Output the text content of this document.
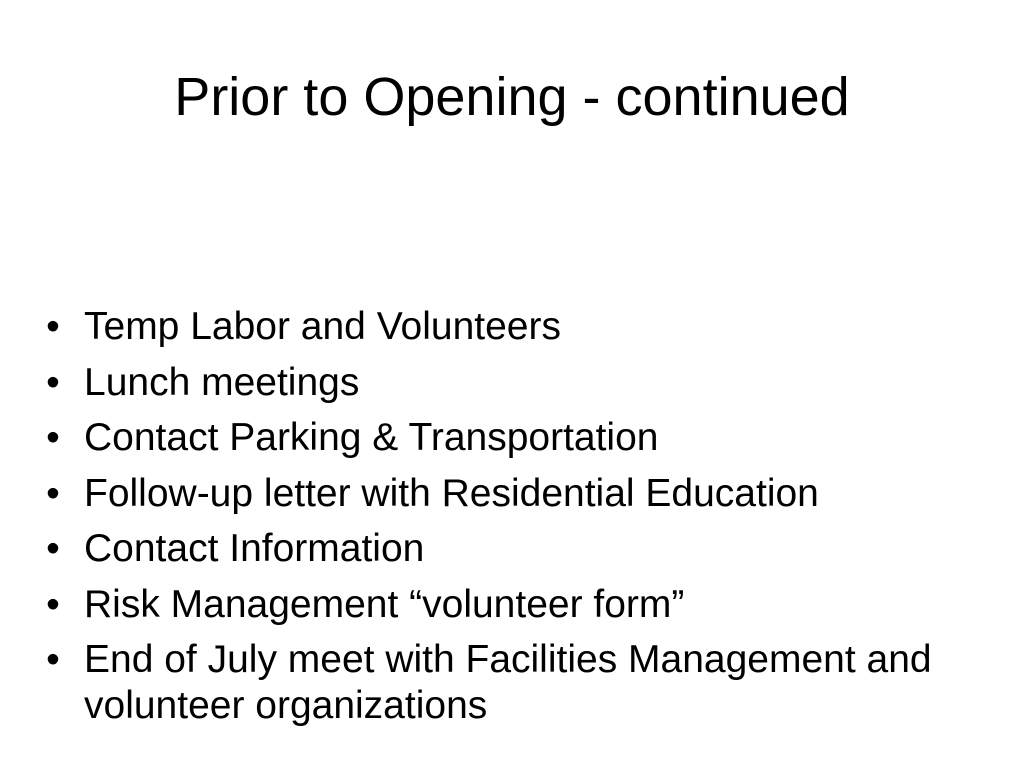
Prior to Opening - continued
• Temp Labor and Volunteers
• Lunch meetings
• Contact Parking & Transportation
• Follow-up letter with Residential Education
• Contact Information
• Risk Management “volunteer form”
• End of July meet with Facilities Management and volunteer organizations
